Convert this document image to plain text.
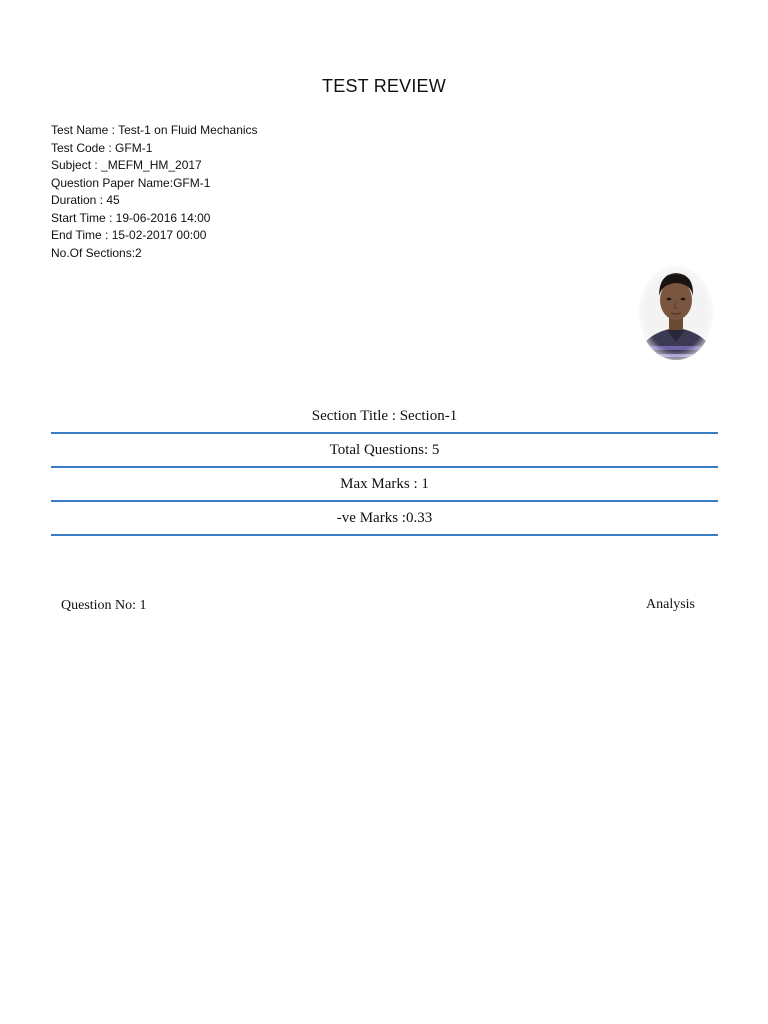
TEST REVIEW
Test Name : Test-1 on Fluid Mechanics
Test Code : GFM-1
Subject : _MEFM_HM_2017
Question Paper Name:GFM-1
Duration : 45
Start Time : 19-06-2016 14:00
End Time : 15-02-2017 00:00
No.Of Sections:2
Section Title : Section-1
Total Questions: 5
Max Marks : 1
-ve Marks :0.33
Question No: 1	Analysis
